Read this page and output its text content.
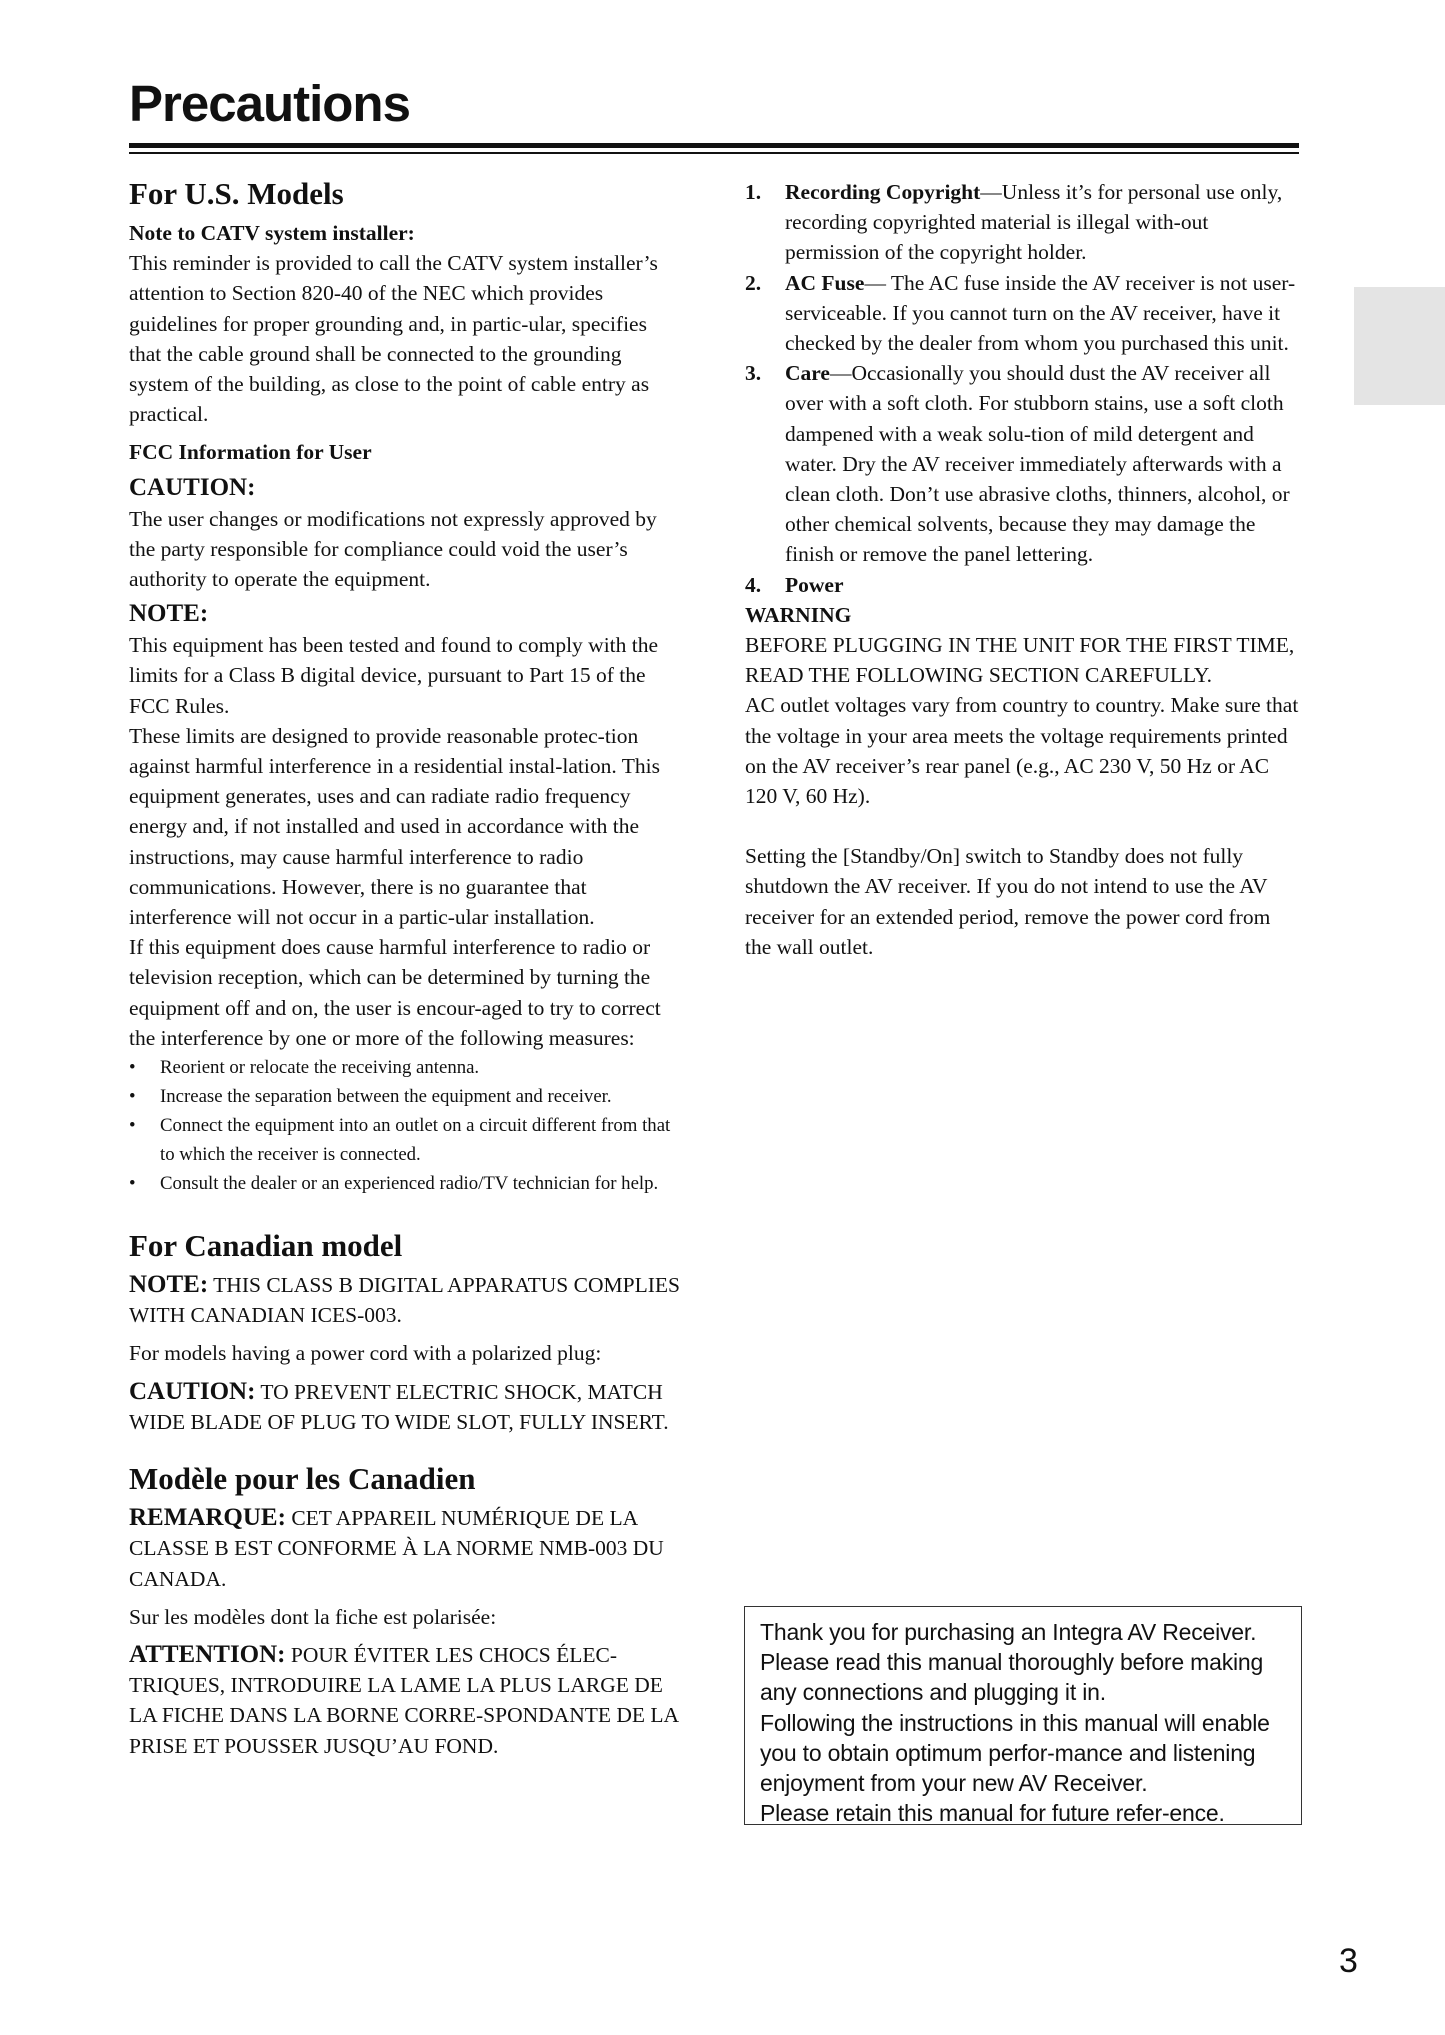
Precautions
For U.S. Models
Note to CATV system installer:

This reminder is provided to call the CATV system installer’s attention to Section 820-40 of the NEC which provides guidelines for proper grounding and, in partic-ular, specifies that the cable ground shall be connected to the grounding system of the building, as close to the point of cable entry as practical.

FCC Information for User
CAUTION:

The user changes or modifications not expressly approved by the party responsible for compliance could void the user’s authority to operate the equipment.

NOTE:

This equipment has been tested and found to comply with the limits for a Class B digital device, pursuant to Part 15 of the FCC Rules.

These limits are designed to provide reasonable protec-tion against harmful interference in a residential instal-lation. This equipment generates, uses and can radiate radio frequency energy and, if not installed and used in accordance with the instructions, may cause harmful interference to radio communications. However, there is no guarantee that interference will not occur in a partic-ular installation.

If this equipment does cause harmful interference to radio or television reception, which can be determined by turning the equipment off and on, the user is encour-aged to try to correct the interference by one or more of the following measures:

• Reorient or relocate the receiving antenna.
• Increase the separation between the equipment and receiver.
• Connect the equipment into an outlet on a circuit different from that to which the receiver is connected.
• Consult the dealer or an experienced radio/TV technician for help.
For Canadian model

NOTE: THIS CLASS B DIGITAL APPARATUS COMPLIES WITH CANADIAN ICES-003.

For models having a power cord with a polarized plug:

CAUTION: TO PREVENT ELECTRIC SHOCK, MATCH WIDE BLADE OF PLUG TO WIDE SLOT, FULLY INSERT.

Modèle pour les Canadien

REMARQUE: CET APPAREIL NUMÉRIQUE DE LA CLASSE B EST CONFORME À LA NORME NMB-003 DU CANADA.

Sur les modèles dont la fiche est polarisée:

ATTENTION: POUR ÉVITER LES CHOCS ÉLEC-TRIQUES, INTRODUIRE LA LAME LA PLUS LARGE DE LA FICHE DANS LA BORNE CORRE-SPONDANTE DE LA PRISE ET POUSSER JUSQU’AU FOND.

1. Recording Copyright—Unless it’s for personal use only, recording copyrighted material is illegal with-out permission of the copyright holder.
2. AC Fuse— The AC fuse inside the AV receiver is not user-serviceable. If you cannot turn on the AV receiver, have it checked by the dealer from whom you purchased this unit.
3. Care—Occasionally you should dust the AV receiver all over with a soft cloth. For stubborn stains, use a soft cloth dampened with a weak solu-tion of mild detergent and water. Dry the AV receiver immediately afterwards with a clean cloth. Don’t use abrasive cloths, thinners, alcohol, or other chemical solvents, because they may damage the finish or remove the panel lettering.
4. Power

WARNING

BEFORE PLUGGING IN THE UNIT FOR THE FIRST TIME, READ THE FOLLOWING SECTION CAREFULLY.

AC outlet voltages vary from country to country. Make sure that the voltage in your area meets the voltage requirements printed on the AV receiver’s rear panel (e.g., AC 230 V, 50 Hz or AC 120 V, 60 Hz).

Setting the [Standby/On] switch to Standby does not fully shutdown the AV receiver. If you do not intend to use the AV receiver for an extended period, remove the power cord from the wall outlet.

Thank you for purchasing an Integra AV Receiver.

Please read this manual thoroughly before making any connections and plugging it in.

Following the instructions in this manual will enable you to obtain optimum perfor-mance and listening enjoyment from your new AV Receiver.

Please retain this manual for future refer-ence.

3
